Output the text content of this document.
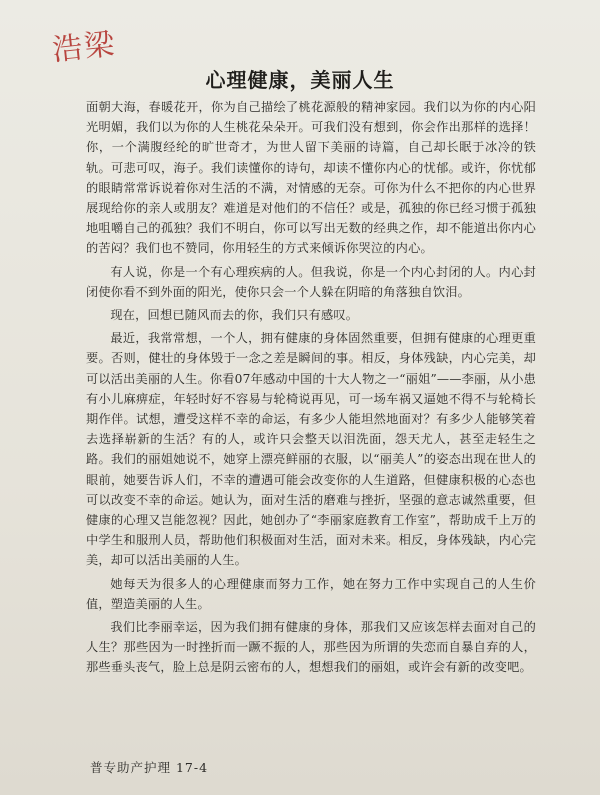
浩梁
心理健康，美丽人生

面朝大海，春暖花开，你为自己描绘了桃花源般的精神家园。我们以为你的内心阳光明媚，我们以为你的人生桃花朵朵开。可我们没有想到，你会作出那样的选择！你，一个满腹经纶的旷世奇才，为世人留下美丽的诗篇，自己却长眠于冰冷的铁轨。可悲可叹，海子。我们读懂你的诗句，却读不懂你内心的忧郁。或许，你忧郁的眼睛常常诉说着你对生活的不满，对情感的无奈。可你为什么不把你的内心世界展现给你的亲人或朋友？难道是对他们的不信任？或是，孤独的你已经习惯于孤独地咀嚼自己的孤独？我们不明白，你可以写出无数的经典之作，却不能道出你内心的苦闷？我们也不赞同，你用轻生的方式来倾诉你哭泣的内心。

有人说，你是一个有心理疾病的人。但我说，你是一个内心封闭的人。内心封闭使你看不到外面的阳光，使你只会一个人躲在阴暗的角落独自饮泪。

现在，回想已随风而去的你，我们只有感叹。

最近，我常常想，一个人，拥有健康的身体固然重要，但拥有健康的心理更重要。否则，健壮的身体毁于一念之差是瞬间的事。相反，身体残缺，内心完美，却可以活出美丽的人生。你看07年感动中国的十大人物之一“丽姐”——李丽，从小患有小儿麻痹症，年轻时好不容易与轮椅说再见，可一场车祸又逼她不得不与轮椅长期作伴。试想，遭受这样不幸的命运，有多少人能坦然地面对？有多少人能够笑着去选择崭新的生活？有的人，或许只会整天以泪洗面，怨天尤人，甚至走轻生之路。我们的丽姐她说不，她穿上漂亮鲜丽的衣服，以“丽美人”的姿态出现在世人的眼前，她要告诉人们，不幸的遭遇可能会改变你的人生道路，但健康积极的心态也可以改变不幸的命运。她认为，面对生活的磨难与挫折，坚强的意志诚然重要，但健康的心理又岂能忽视？因此，她创办了“李丽家庭教育工作室”，帮助成千上万的中学生和服刑人员，帮助他们积极面对生活，面对未来。相反，身体残缺，内心完美，却可以活出美丽的人生。

她每天为很多人的心理健康而努力工作，她在努力工作中实现自己的人生价值，塑造美丽的人生。

我们比李丽幸运，因为我们拥有健康的身体，那我们又应该怎样去面对自己的人生？那些因为一时挫折而一蹶不振的人，那些因为所谓的失恋而自暴自弃的人，那些垂头丧气，脸上总是阴云密布的人，想想我们的丽姐，或许会有新的改变吧。

普专助产护理 17-4
